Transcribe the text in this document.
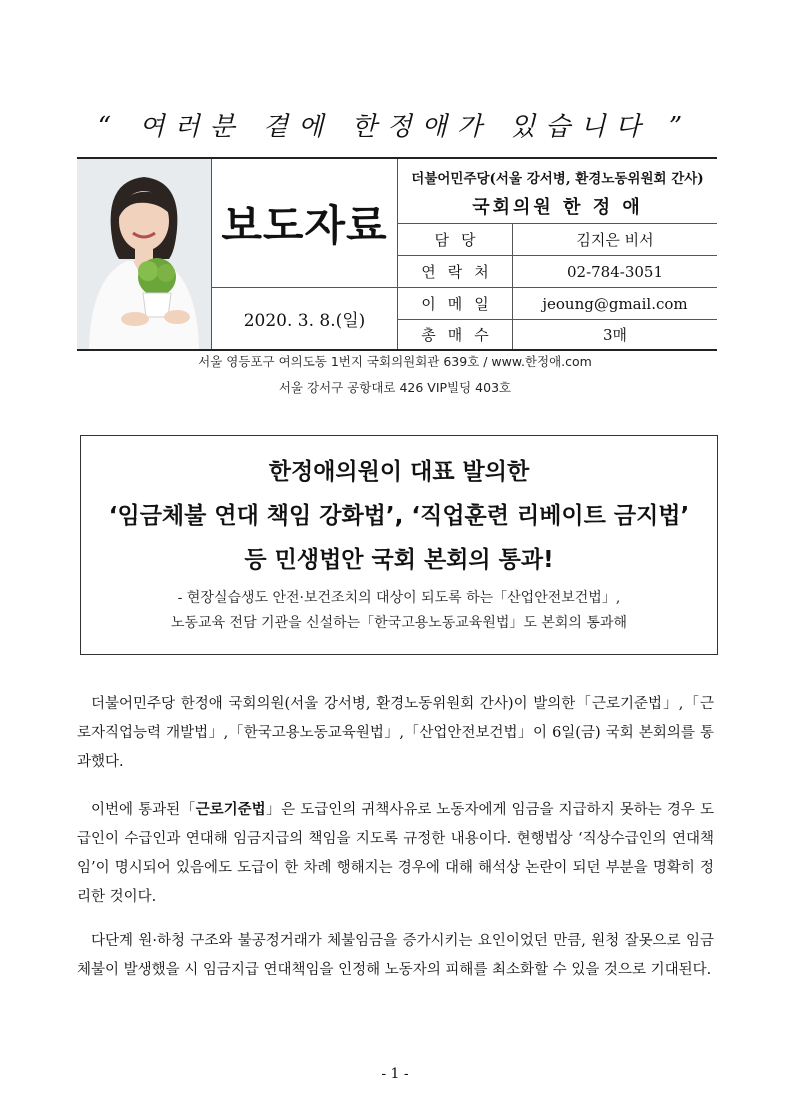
“ 여러분 곁에 한정애가 있습니다 ”
보도자료
2020. 3. 8.(일)
더불어민주당(서울 강서병, 환경노동위원회 간사)
국회의원 한 정 애
담당	김지은 비서
연락처	02-784-3051
이메일	jeoung@gmail.com
총매수	3매
서울 영등포구 여의도동 1번지 국회의원회관 639호 / www.한정애.com
서울 강서구 공항대로 426 VIP빌딩 403호
한정애의원이 대표 발의한
‘임금체불 연대 책임 강화법’, ‘직업훈련 리베이트 금지법’
등 민생법안 국회 본회의 통과!
- 현장실습생도 안전·보건조치의 대상이 되도록 하는「산업안전보건법」,
노동교육 전담 기관을 신설하는「한국고용노동교육원법」도 본회의 통과해
더불어민주당 한정애 국회의원(서울 강서병, 환경노동위원회 간사)이 발의한「근로기준법」,「근로자직업능력 개발법」,「한국고용노동교육원법」,「산업안전보건법」이 6일(금) 국회 본회의를 통과했다.
이번에 통과된「근로기준법」은 도급인의 귀책사유로 노동자에게 임금을 지급하지 못하는 경우 도급인이 수급인과 연대해 임금지급의 책임을 지도록 규정한 내용이다. 현행법상 ‘직상수급인의 연대책임’이 명시되어 있음에도 도급이 한 차례 행해지는 경우에 대해 해석상 논란이 되던 부분을 명확히 정리한 것이다.
다단계 원·하청 구조와 불공정거래가 체불임금을 증가시키는 요인이었던 만큼, 원청 잘못으로 임금체불이 발생했을 시 임금지급 연대책임을 인정해 노동자의 피해를 최소화할 수 있을 것으로 기대된다.
- 1 -
